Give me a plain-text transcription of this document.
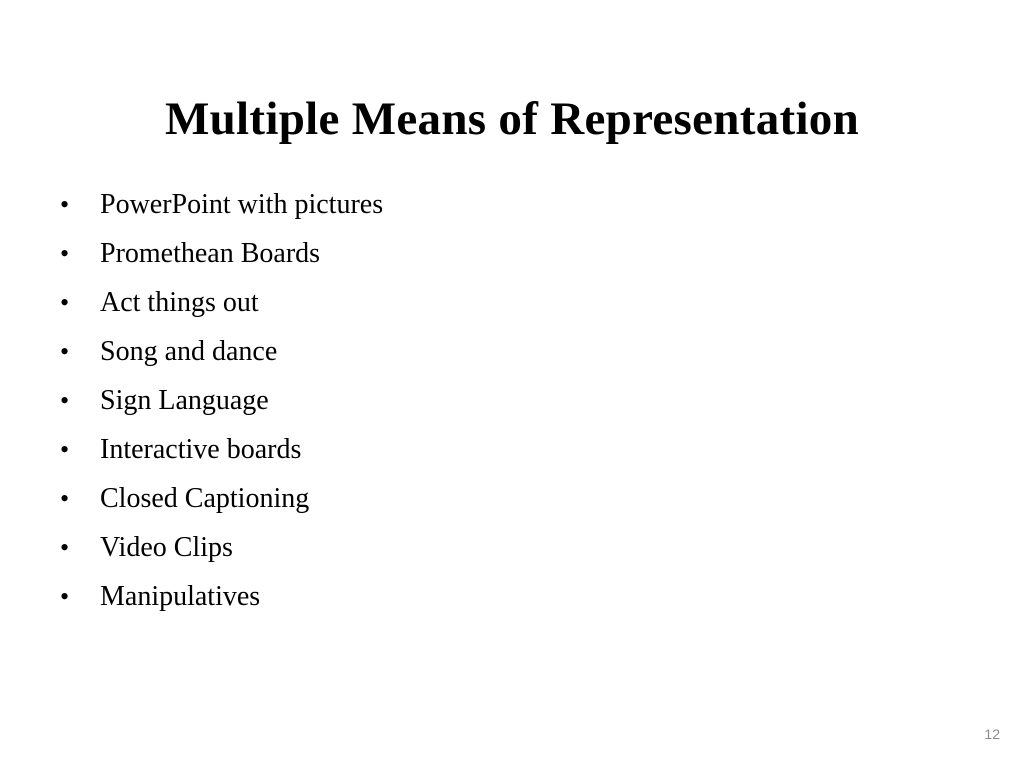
Multiple Means of Representation
•	PowerPoint with pictures
•	Promethean Boards
•	Act things out
•	Song and dance
•	Sign Language
•	Interactive boards
•	Closed Captioning
•	Video Clips
•	Manipulatives
12
